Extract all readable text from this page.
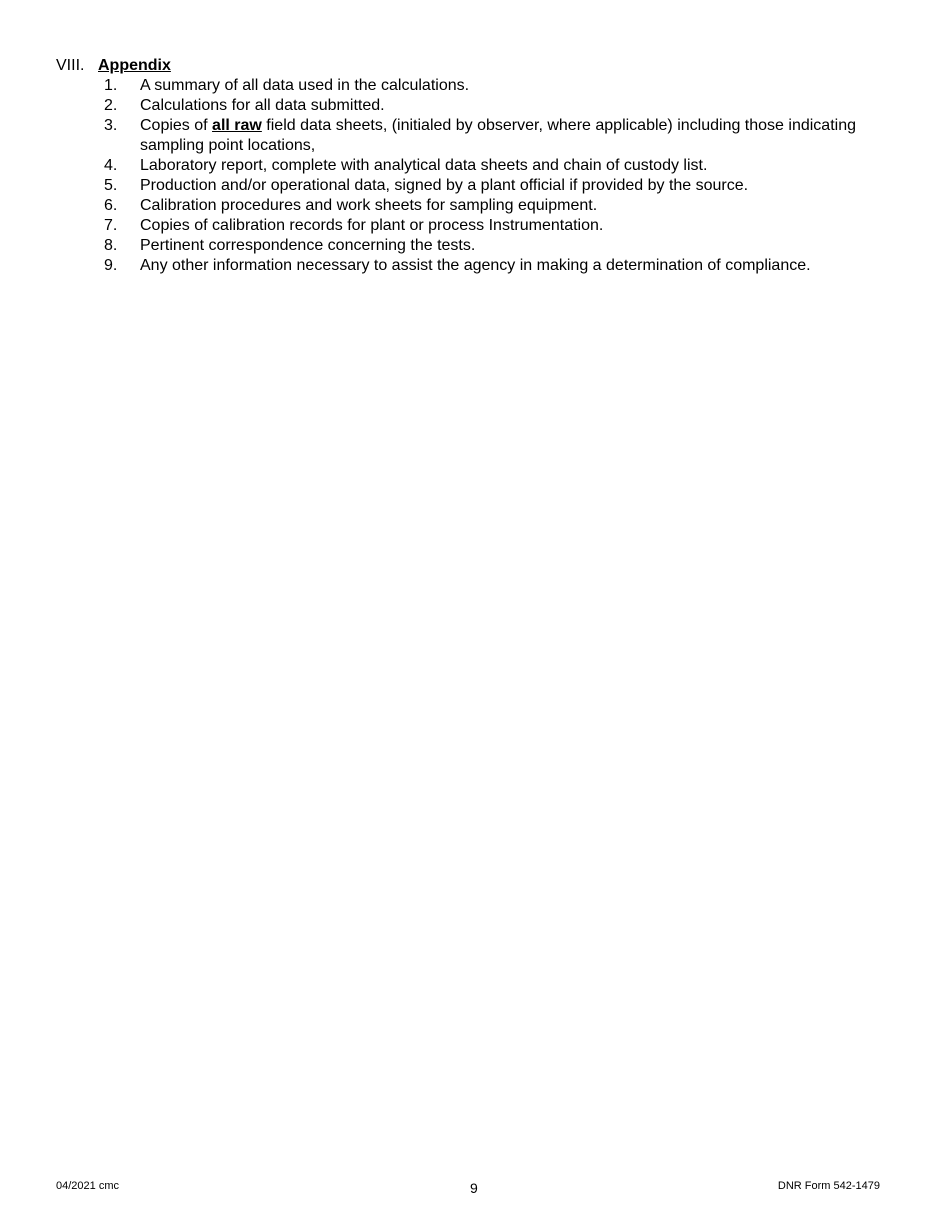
VIII. Appendix
1.	A summary of all data used in the calculations.
2.	Calculations for all data submitted.
3.	Copies of all raw field data sheets, (initialed by observer, where applicable) including those indicating sampling point locations,
4.	Laboratory report, complete with analytical data sheets and chain of custody list.
5.	Production and/or operational data, signed by a plant official if provided by the source.
6.	Calibration procedures and work sheets for sampling equipment.
7.	Copies of calibration records for plant or process Instrumentation.
8.	Pertinent correspondence concerning the tests.
9.	Any other information necessary to assist the agency in making a determination of compliance.
04/2021 cmc	9	DNR Form 542-1479
